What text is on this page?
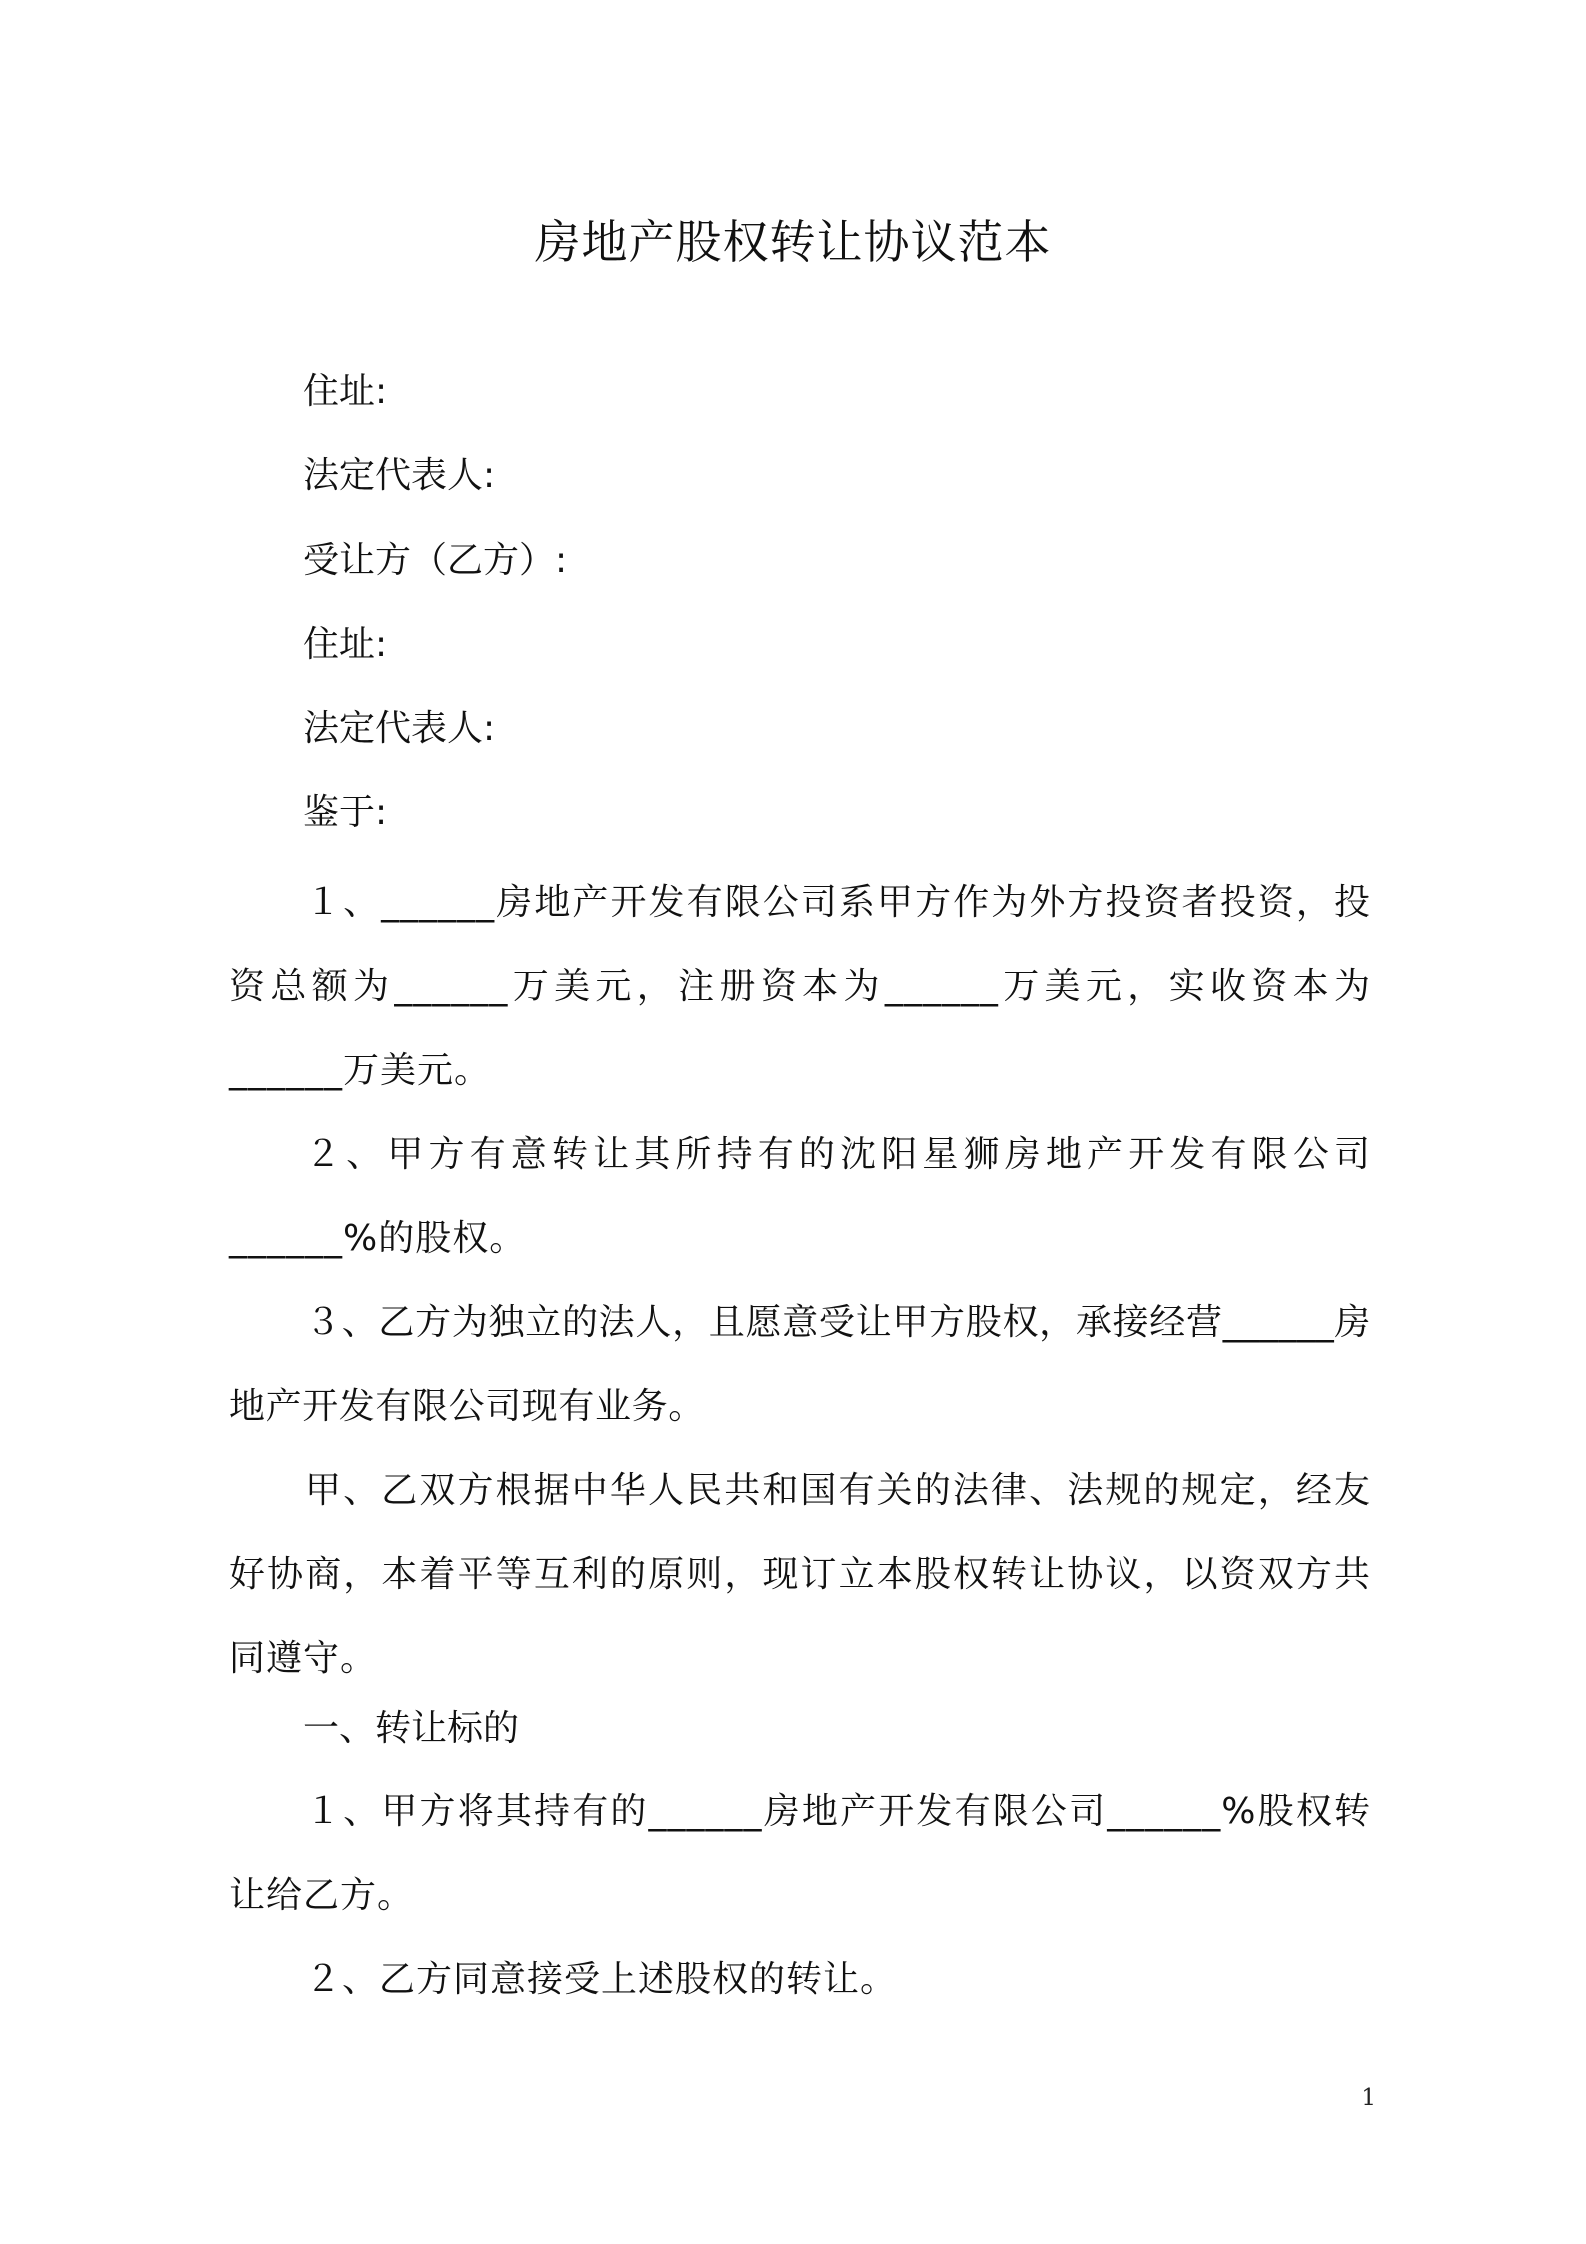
房地产股权转让协议范本
住址:
法定代表人:
受让方（乙方）:
住址:
法定代表人:
鉴于:
１、______房地产开发有限公司系甲方作为外方投资者投资，投资总额为______万美元，注册资本为______万美元，实收资本为______万美元。
２、甲方有意转让其所持有的沈阳星狮房地产开发有限公司______%的股权。
３、乙方为独立的法人，且愿意受让甲方股权，承接经营______房地产开发有限公司现有业务。
甲、乙双方根据中华人民共和国有关的法律、法规的规定，经友好协商，本着平等互利的原则，现订立本股权转让协议，以资双方共同遵守。
一、转让标的
１、甲方将其持有的______房地产开发有限公司______%股权转让给乙方。
２、乙方同意接受上述股权的转让。
1
